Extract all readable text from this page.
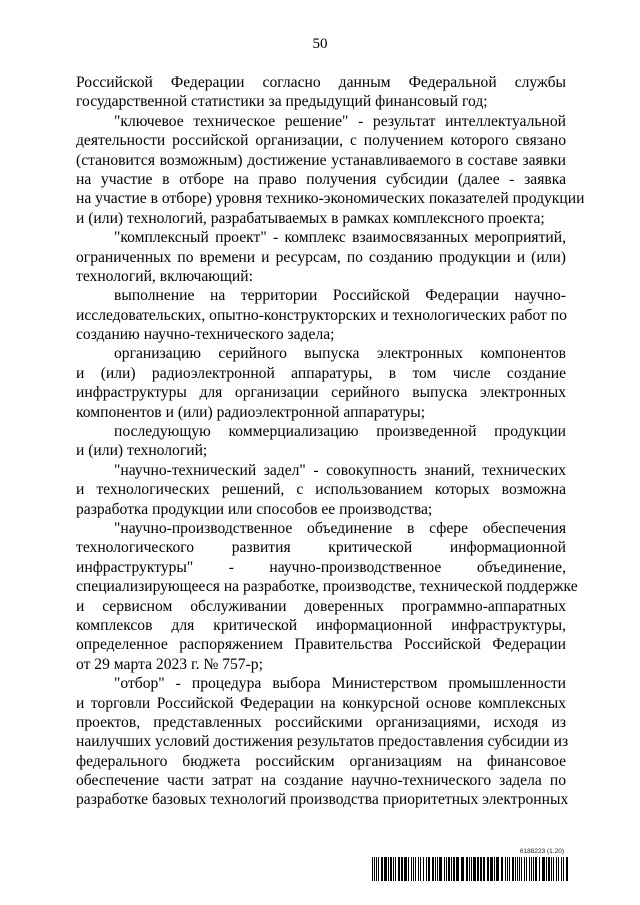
50
Российской Федерации согласно данным Федеральной службы
государственной статистики за предыдущий финансовый год;
"ключевое техническое решение" - результат интеллектуальной
деятельности российской организации, с получением которого связано
(становится возможным) достижение устанавливаемого в составе заявки
на участие в отборе на право получения субсидии (далее - заявка
на участие в отборе) уровня технико-экономических показателей продукции
и (или) технологий, разрабатываемых в рамках комплексного проекта;
"комплексный проект" - комплекс взаимосвязанных мероприятий,
ограниченных по времени и ресурсам, по созданию продукции и (или)
технологий, включающий:
выполнение на территории Российской Федерации научно-
исследовательских, опытно-конструкторских и технологических работ по
созданию научно-технического задела;
организацию серийного выпуска электронных компонентов
и (или) радиоэлектронной аппаратуры, в том числе создание
инфраструктуры для организации серийного выпуска электронных
компонентов и (или) радиоэлектронной аппаратуры;
последующую коммерциализацию произведенной продукции
и (или) технологий;
"научно-технический задел" - совокупность знаний, технических
и технологических решений, с использованием которых возможна
разработка продукции или способов ее производства;
"научно-производственное объединение в сфере обеспечения
технологического развития критической информационной
инфраструктуры" - научно-производственное объединение,
специализирующееся на разработке, производстве, технической поддержке
и сервисном обслуживании доверенных программно-аппаратных
комплексов для критической информационной инфраструктуры,
определенное распоряжением Правительства Российской Федерации
от 29 марта 2023 г. № 757-р;
"отбор" - процедура выбора Министерством промышленности
и торговли Российской Федерации на конкурсной основе комплексных
проектов, представленных российскими организациями, исходя из
наилучших условий достижения результатов предоставления субсидии из
федерального бюджета российским организациям на финансовое
обеспечение части затрат на создание научно-технического задела по
разработке базовых технологий производства приоритетных электронных
6188223 (1.20)
